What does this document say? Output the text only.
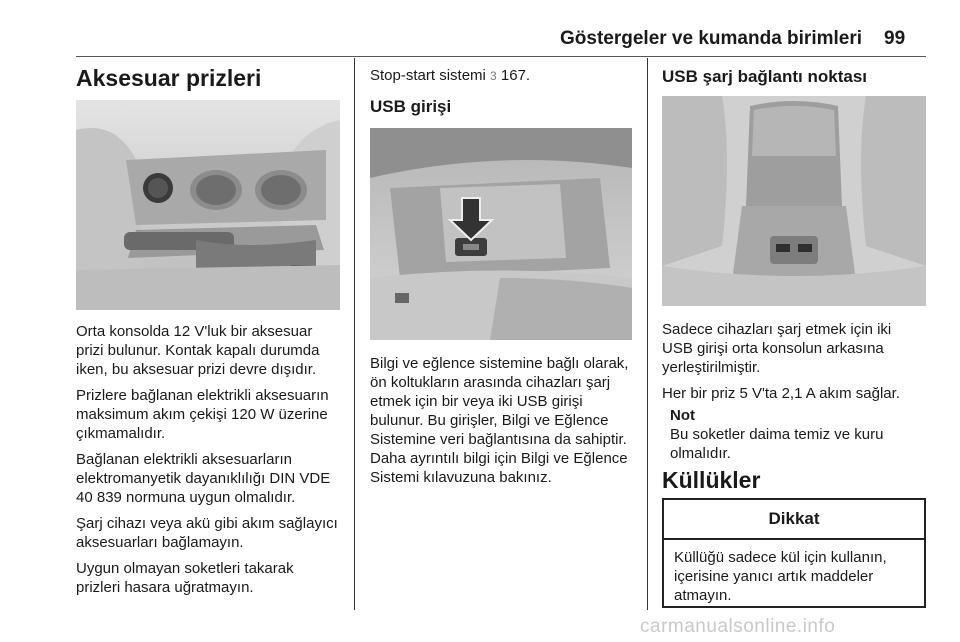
Göstergeler ve kumanda birimleri 99
Aksesuar prizleri

Orta konsolda 12 V'luk bir aksesuar prizi bulunur. Kontak kapalı durumda iken, bu aksesuar prizi devre dışıdır.

Prizlere bağlanan elektrikli aksesuarın maksimum akım çekişi 120 W üzerine çıkmamalıdır.

Bağlanan elektrikli aksesuarların elektromanyetik dayanıklılığı DIN VDE 40 839 normuna uygun olmalıdır.

Şarj cihazı veya akü gibi akım sağlayıcı aksesuarları bağlamayın.

Uygun olmayan soketleri takarak prizleri hasara uğratmayın.

Stop-start sistemi 3 167.
USB girişi
Bilgi ve eğlence sistemine bağlı olarak, ön koltukların arasında cihazları şarj etmek için bir veya iki USB girişi bulunur. Bu girişler, Bilgi ve Eğlence Sistemine veri bağlantısına da sahiptir. Daha ayrıntılı bilgi için Bilgi ve Eğlence Sistemi kılavuzuna bakınız.
USB şarj bağlantı noktası

Sadece cihazları şarj etmek için iki USB girişi orta konsolun arkasına yerleştirilmiştir.

Her bir priz 5 V'ta 2,1 A akım sağlar.

Not
Bu soketler daima temiz ve kuru olmalıdır.
Küllükler
Dikkat
Küllüğü sadece kül için kullanın, içerisine yanıcı artık maddeler atmayın.
carmanualsonline.info
